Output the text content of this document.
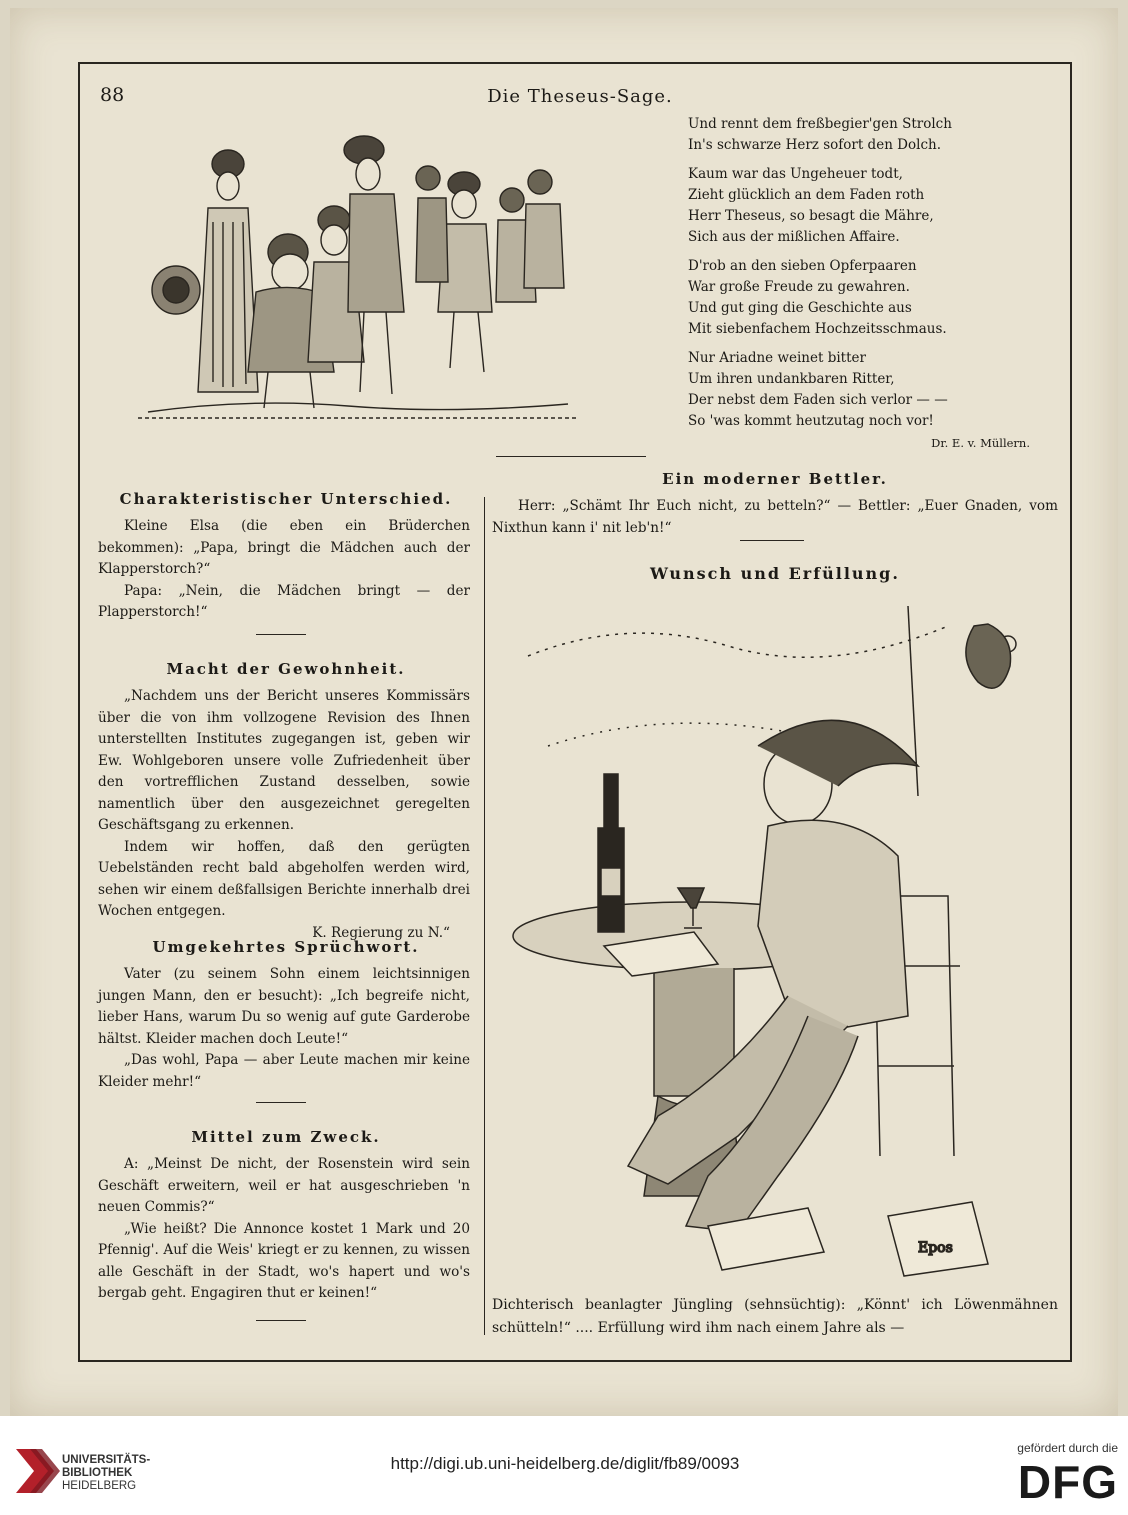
88	Die Theseus-Sage.
Und rennt dem freßbegier'gen Strolch
In's schwarze Herz sofort den Dolch.
Kaum war das Ungeheuer todt,
Zieht glücklich an dem Faden roth
Herr Theseus, so besagt die Mähre,
Sich aus der mißlichen Affaire.
D'rob an den sieben Opferpaaren
War große Freude zu gewahren.
Und gut ging die Geschichte aus
Mit siebenfachem Hochzeitsschmaus.
Nur Ariadne weinet bitter
Um ihren undankbaren Ritter,
Der nebst dem Faden sich verlor — —
So 'was kommt heutzutag noch vor!
Dr. E. v. Müllern.
Ein moderner Bettler.

Herr: „Schämt Ihr Euch nicht, zu betteln?“ — Bettler: „Euer Gnaden, vom Nixthun kann i' nit leb'n!“

Charakteristischer Unterschied.

Kleine Elsa (die eben ein Brüderchen bekommen): „Papa, bringt die Mädchen auch der Klapperstorch?“

Papa: „Nein, die Mädchen bringt — der Plapperstorch!“

Macht der Gewohnheit.

„Nachdem uns der Bericht unseres Kommissärs über die von ihm vollzogene Revision des Ihnen unterstellten Institutes zugegangen ist, geben wir Ew. Wohlgeboren unsere volle Zufriedenheit über den vortrefflichen Zustand desselben, sowie namentlich über den ausgezeichnet geregelten Geschäftsgang zu erkennen.

Indem wir hoffen, daß den gerügten Uebelständen recht bald abgeholfen werden wird, sehen wir einem deßfallsigen Berichte innerhalb drei Wochen entgegen.

K. Regierung zu N.“

Umgekehrtes Sprüchwort.

Vater (zu seinem Sohn einem leichtsinnigen jungen Mann, den er besucht): „Ich begreife nicht, lieber Hans, warum Du so wenig auf gute Garderobe hältst. Kleider machen doch Leute!“

„Das wohl, Papa — aber Leute machen mir keine Kleider mehr!“

Mittel zum Zweck.

A: „Meinst De nicht, der Rosenstein wird sein Geschäft erweitern, weil er hat ausgeschrieben 'n neuen Commis?“

„Wie heißt? Die Annonce kostet 1 Mark und 20 Pfennig'. Auf die Weis' kriegt er zu kennen, zu wissen alle Geschäft in der Stadt, wo's hapert und wo's bergab geht. Engagiren thut er keinen!“

Wunsch und Erfüllung.
Epos
Dichterisch beanlagter Jüngling (sehnsüchtig): „Könnt' ich Löwenmähnen schütteln!“ .... Erfüllung wird ihm nach einem Jahre als —
UNIVERSITÄTS-
BIBLIOTHEK
HEIDELBERG
http://digi.ub.uni-heidelberg.de/diglit/fb89/0093
gefördert durch die
DFG
